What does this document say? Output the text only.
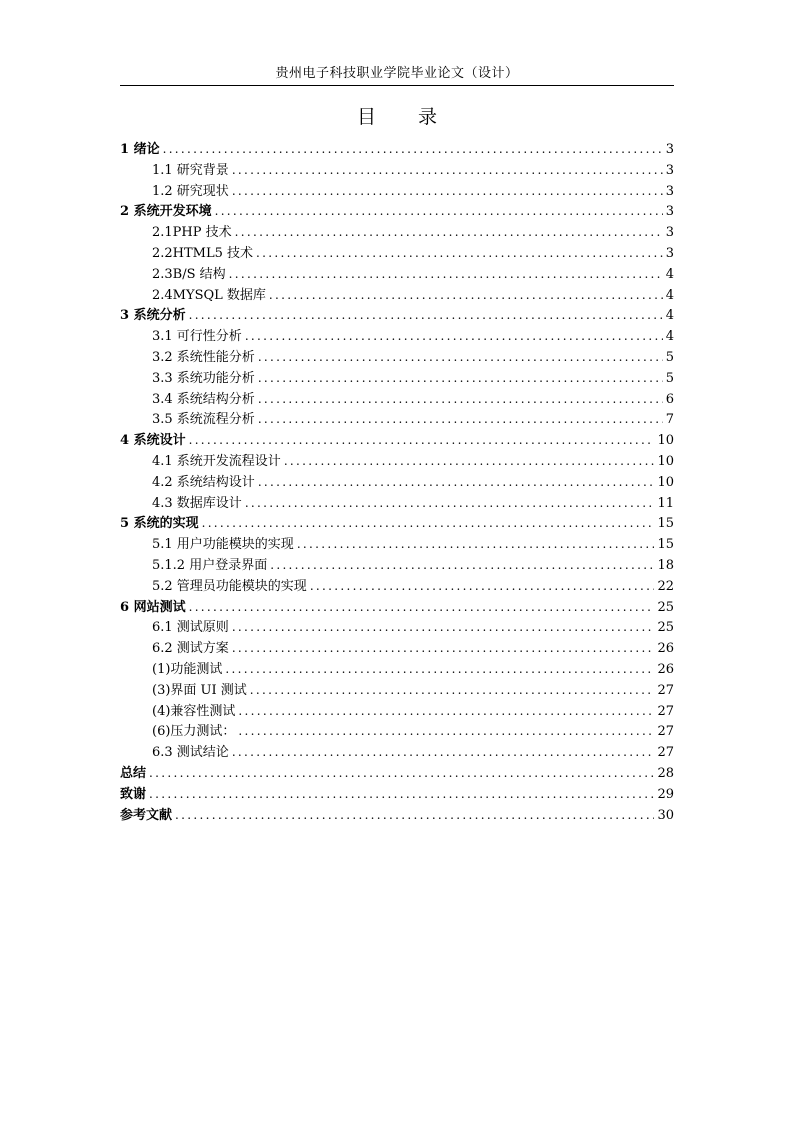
贵州电子科技职业学院毕业论文（设计）
目 录
1 绪论 .....	3
1.1 研究背景 .....	3
1.2 研究现状 .....	3
2 系统开发环境 .....	3
2.1PHP 技术 .....	3
2.2HTML5 技术 .....	3
2.3B/S 结构 .....	4
2.4MYSQL 数据库 .....	4
3 系统分析 .....	4
3.1 可行性分析 .....	4
3.2 系统性能分析 .....	5
3.3 系统功能分析 .....	5
3.4 系统结构分析 .....	6
3.5 系统流程分析 .....	7
4 系统设计 .....	10
4.1 系统开发流程设计 .....	10
4.2 系统结构设计 .....	10
4.3 数据库设计 .....	11
5 系统的实现 .....	15
5.1 用户功能模块的实现 .....	15
5.1.2 用户登录界面 .....	18
5.2 管理员功能模块的实现 .....	22
6 网站测试 .....	25
6.1 测试原则 .....	25
6.2 测试方案 .....	26
(1)功能测试 .....	26
(3)界面 UI 测试 .....	27
(4)兼容性测试 .....	27
(6)压力测试： .....	27
6.3 测试结论 .....	27
总结 .....	28
致谢 .....	29
参考文献 .....	30
